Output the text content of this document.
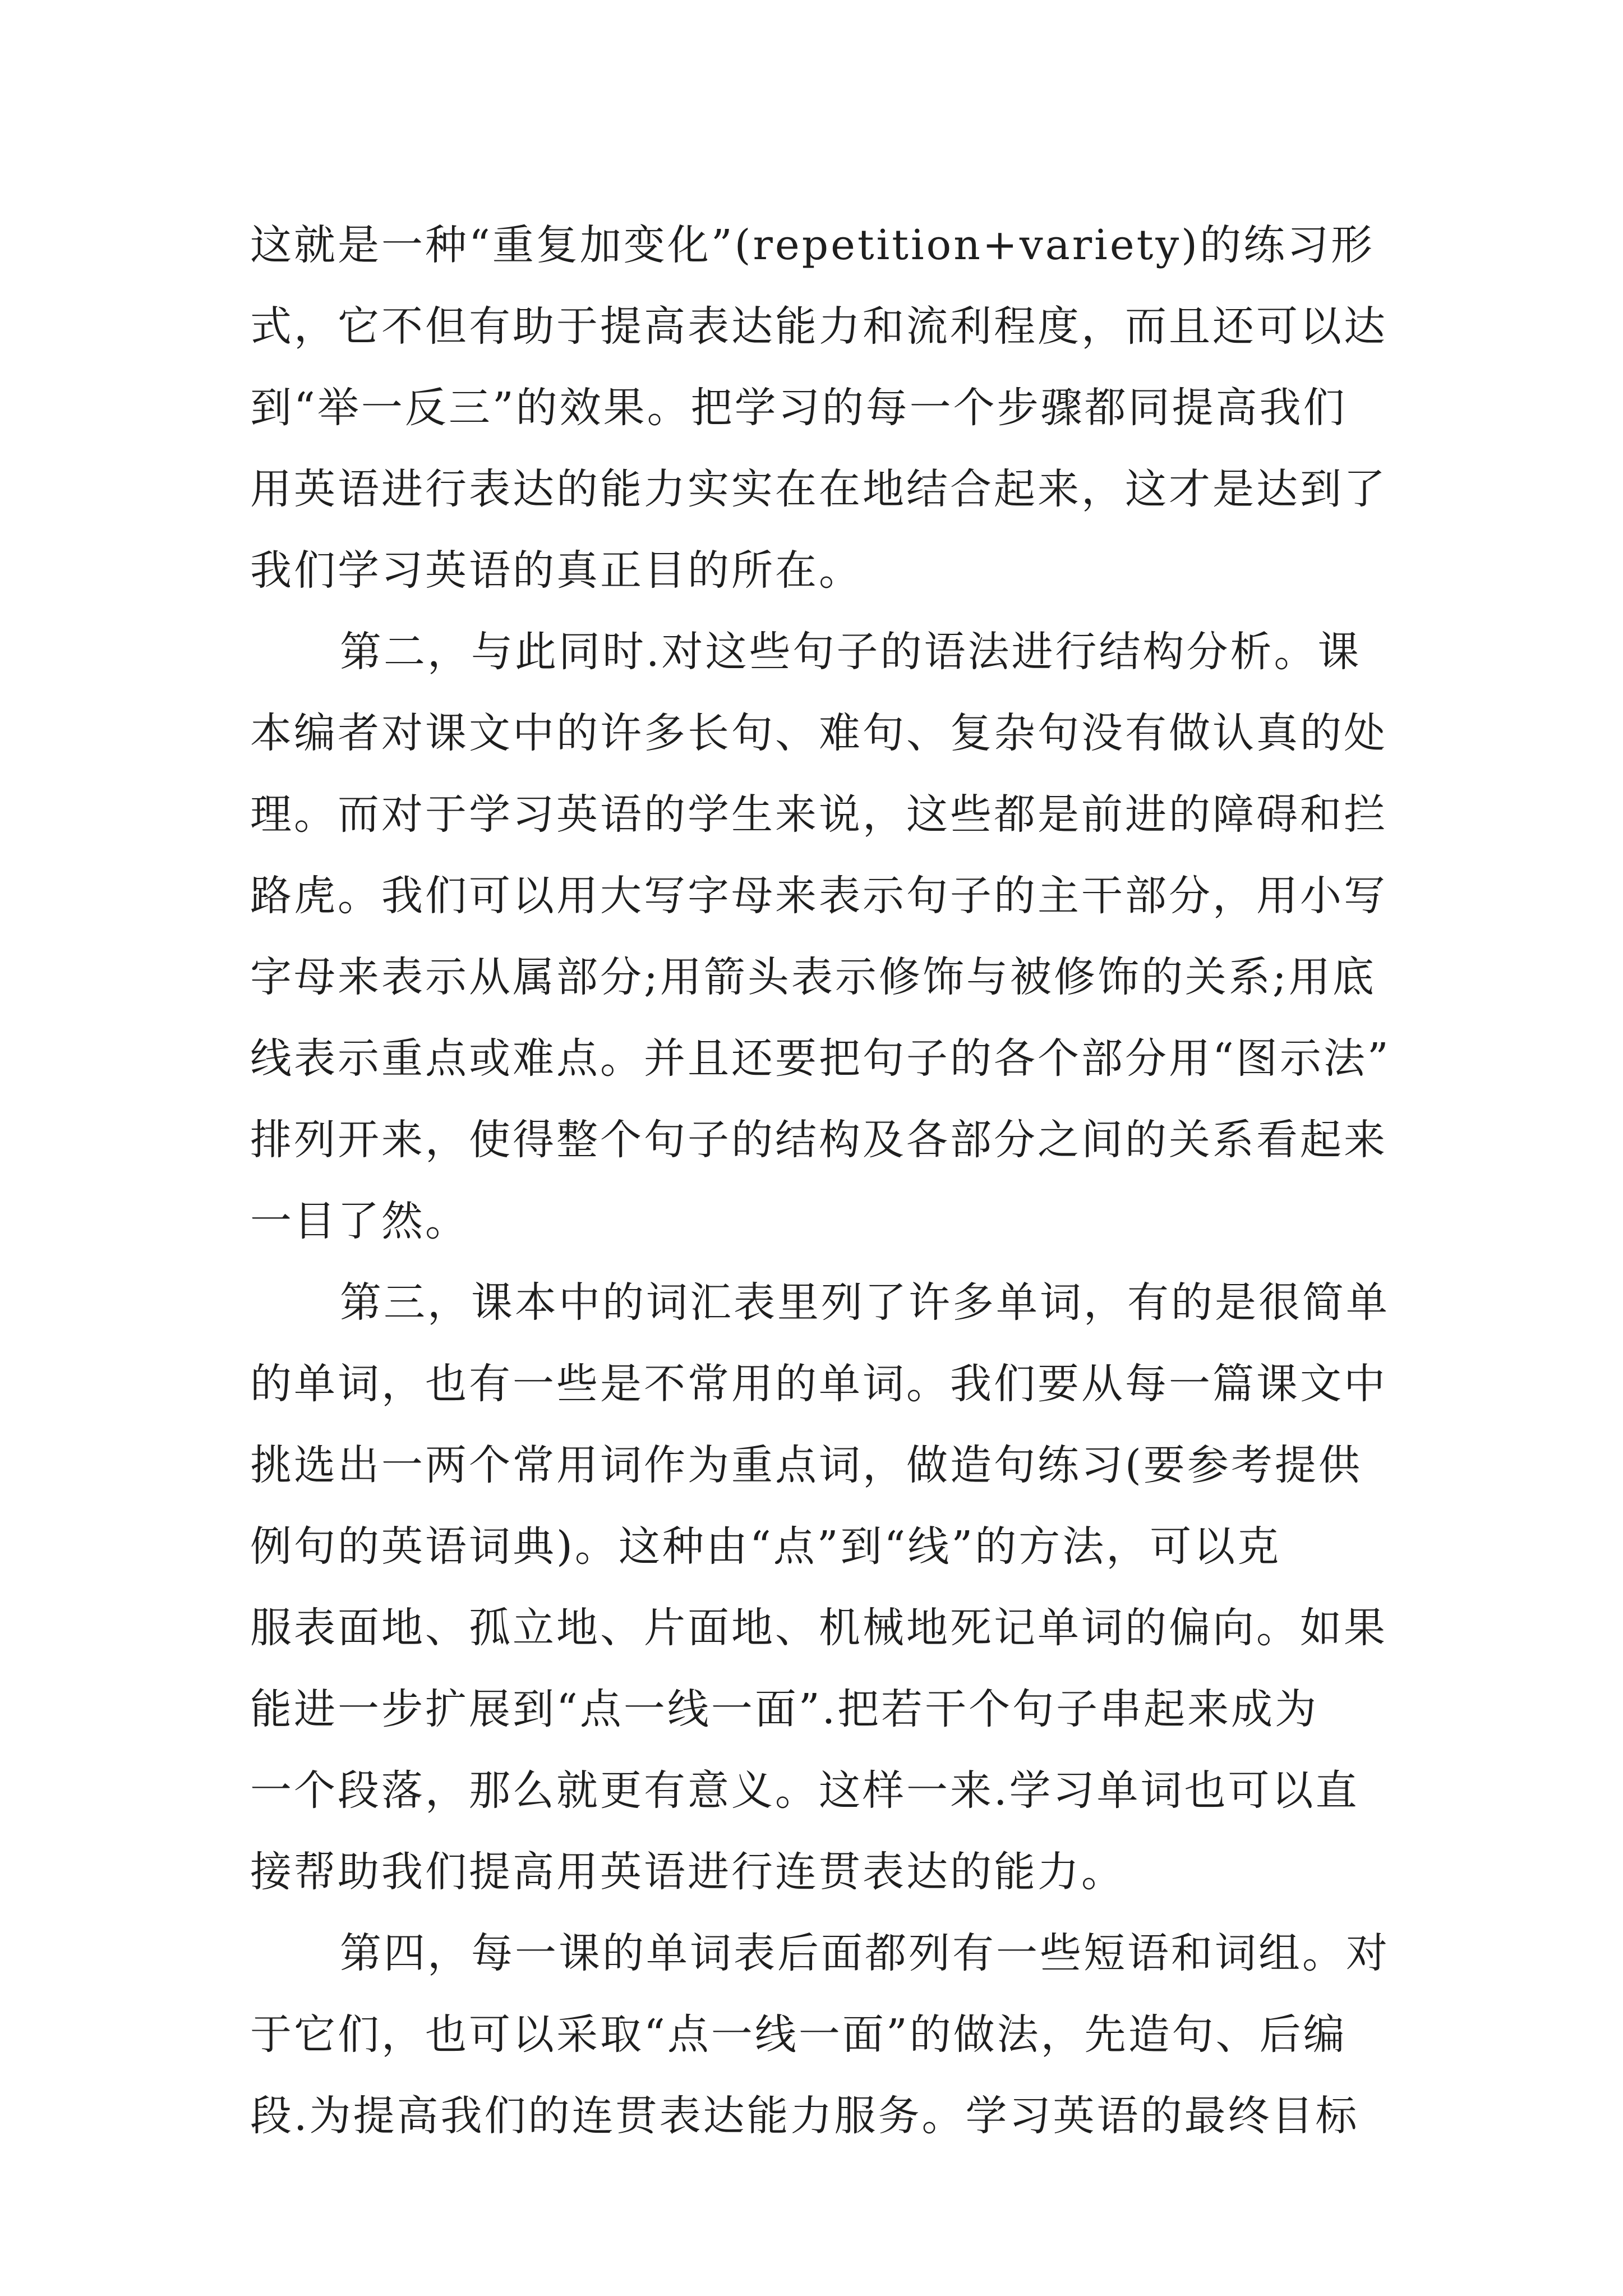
这就是一种“重复加变化”(repetition+variety)的练习形
式，它不但有助于提高表达能力和流利程度，而且还可以达
到“举一反三”的效果。把学习的每一个步骤都同提高我们
用英语进行表达的能力实实在在地结合起来，这才是达到了
我们学习英语的真正目的所在。
第二，与此同时.对这些句子的语法进行结构分析。课
本编者对课文中的许多长句、难句、复杂句没有做认真的处
理。而对于学习英语的学生来说，这些都是前进的障碍和拦
路虎。我们可以用大写字母来表示句子的主干部分，用小写
字母来表示从属部分;用箭头表示修饰与被修饰的关系;用底
线表示重点或难点。并且还要把句子的各个部分用“图示法”
排列开来，使得整个句子的结构及各部分之间的关系看起来
一目了然。
第三，课本中的词汇表里列了许多单词，有的是很简单
的单词，也有一些是不常用的单词。我们要从每一篇课文中
挑选出一两个常用词作为重点词，做造句练习(要参考提供
例句的英语词典)。这种由“点”到“线”的方法，可以克
服表面地、孤立地、片面地、机械地死记单词的偏向。如果
能进一步扩展到“点一线一面”.把若干个句子串起来成为
一个段落，那么就更有意义。这样一来.学习单词也可以直
接帮助我们提高用英语进行连贯表达的能力。
第四，每一课的单词表后面都列有一些短语和词组。对
于它们，也可以采取“点一线一面”的做法，先造句、后编
段.为提高我们的连贯表达能力服务。学习英语的最终目标
